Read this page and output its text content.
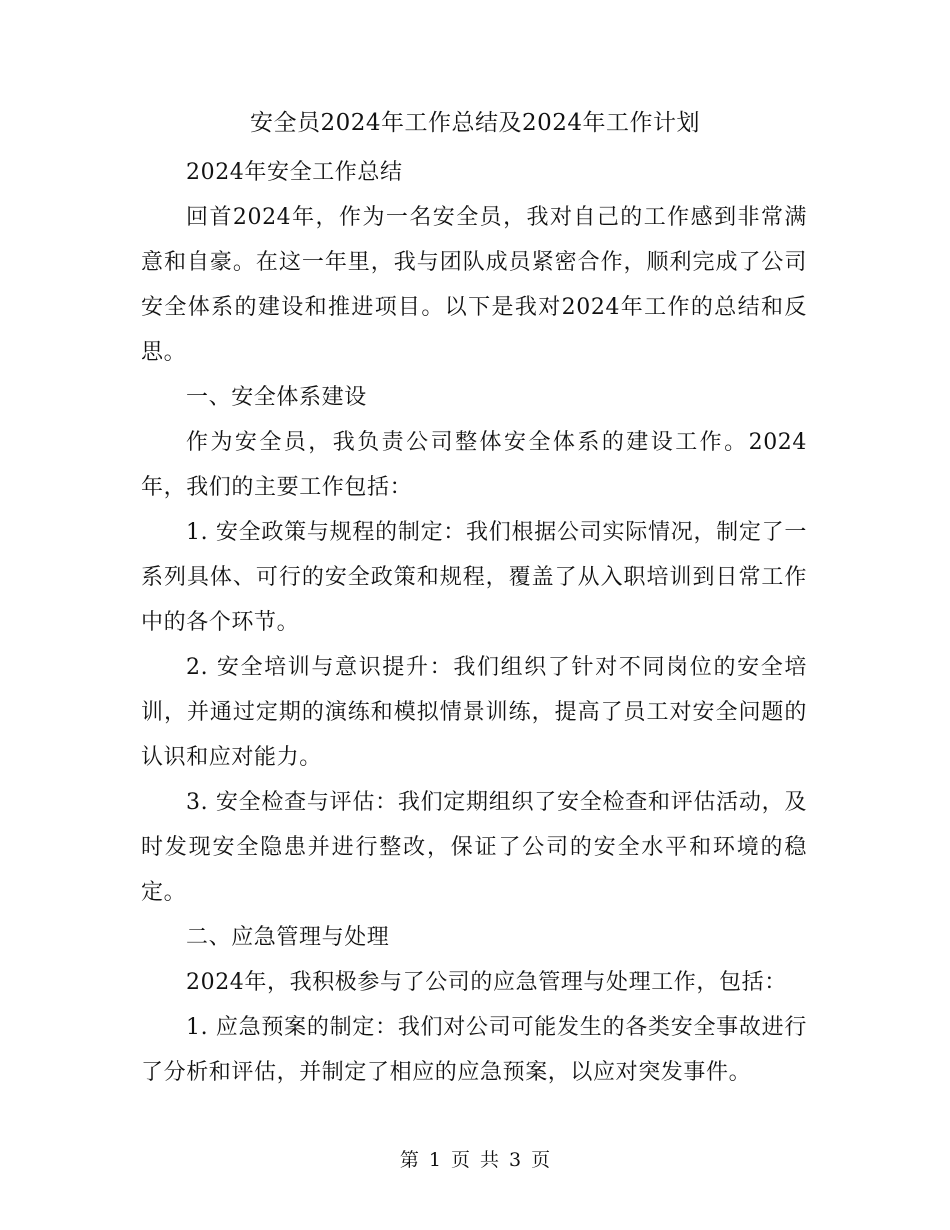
安全员2024年工作总结及2024年工作计划

2024年安全工作总结

回首2024年，作为一名安全员，我对自己的工作感到非常满意和自豪。在这一年里，我与团队成员紧密合作，顺利完成了公司安全体系的建设和推进项目。以下是我对2024年工作的总结和反思。

一、安全体系建设

作为安全员，我负责公司整体安全体系的建设工作。2024年，我们的主要工作包括：

1. 安全政策与规程的制定：我们根据公司实际情况，制定了一系列具体、可行的安全政策和规程，覆盖了从入职培训到日常工作中的各个环节。

2. 安全培训与意识提升：我们组织了针对不同岗位的安全培训，并通过定期的演练和模拟情景训练，提高了员工对安全问题的认识和应对能力。

3. 安全检查与评估：我们定期组织了安全检查和评估活动，及时发现安全隐患并进行整改，保证了公司的安全水平和环境的稳定。

二、应急管理与处理

2024年，我积极参与了公司的应急管理与处理工作，包括：

1. 应急预案的制定：我们对公司可能发生的各类安全事故进行了分析和评估，并制定了相应的应急预案，以应对突发事件。

第 1 页 共 3 页
